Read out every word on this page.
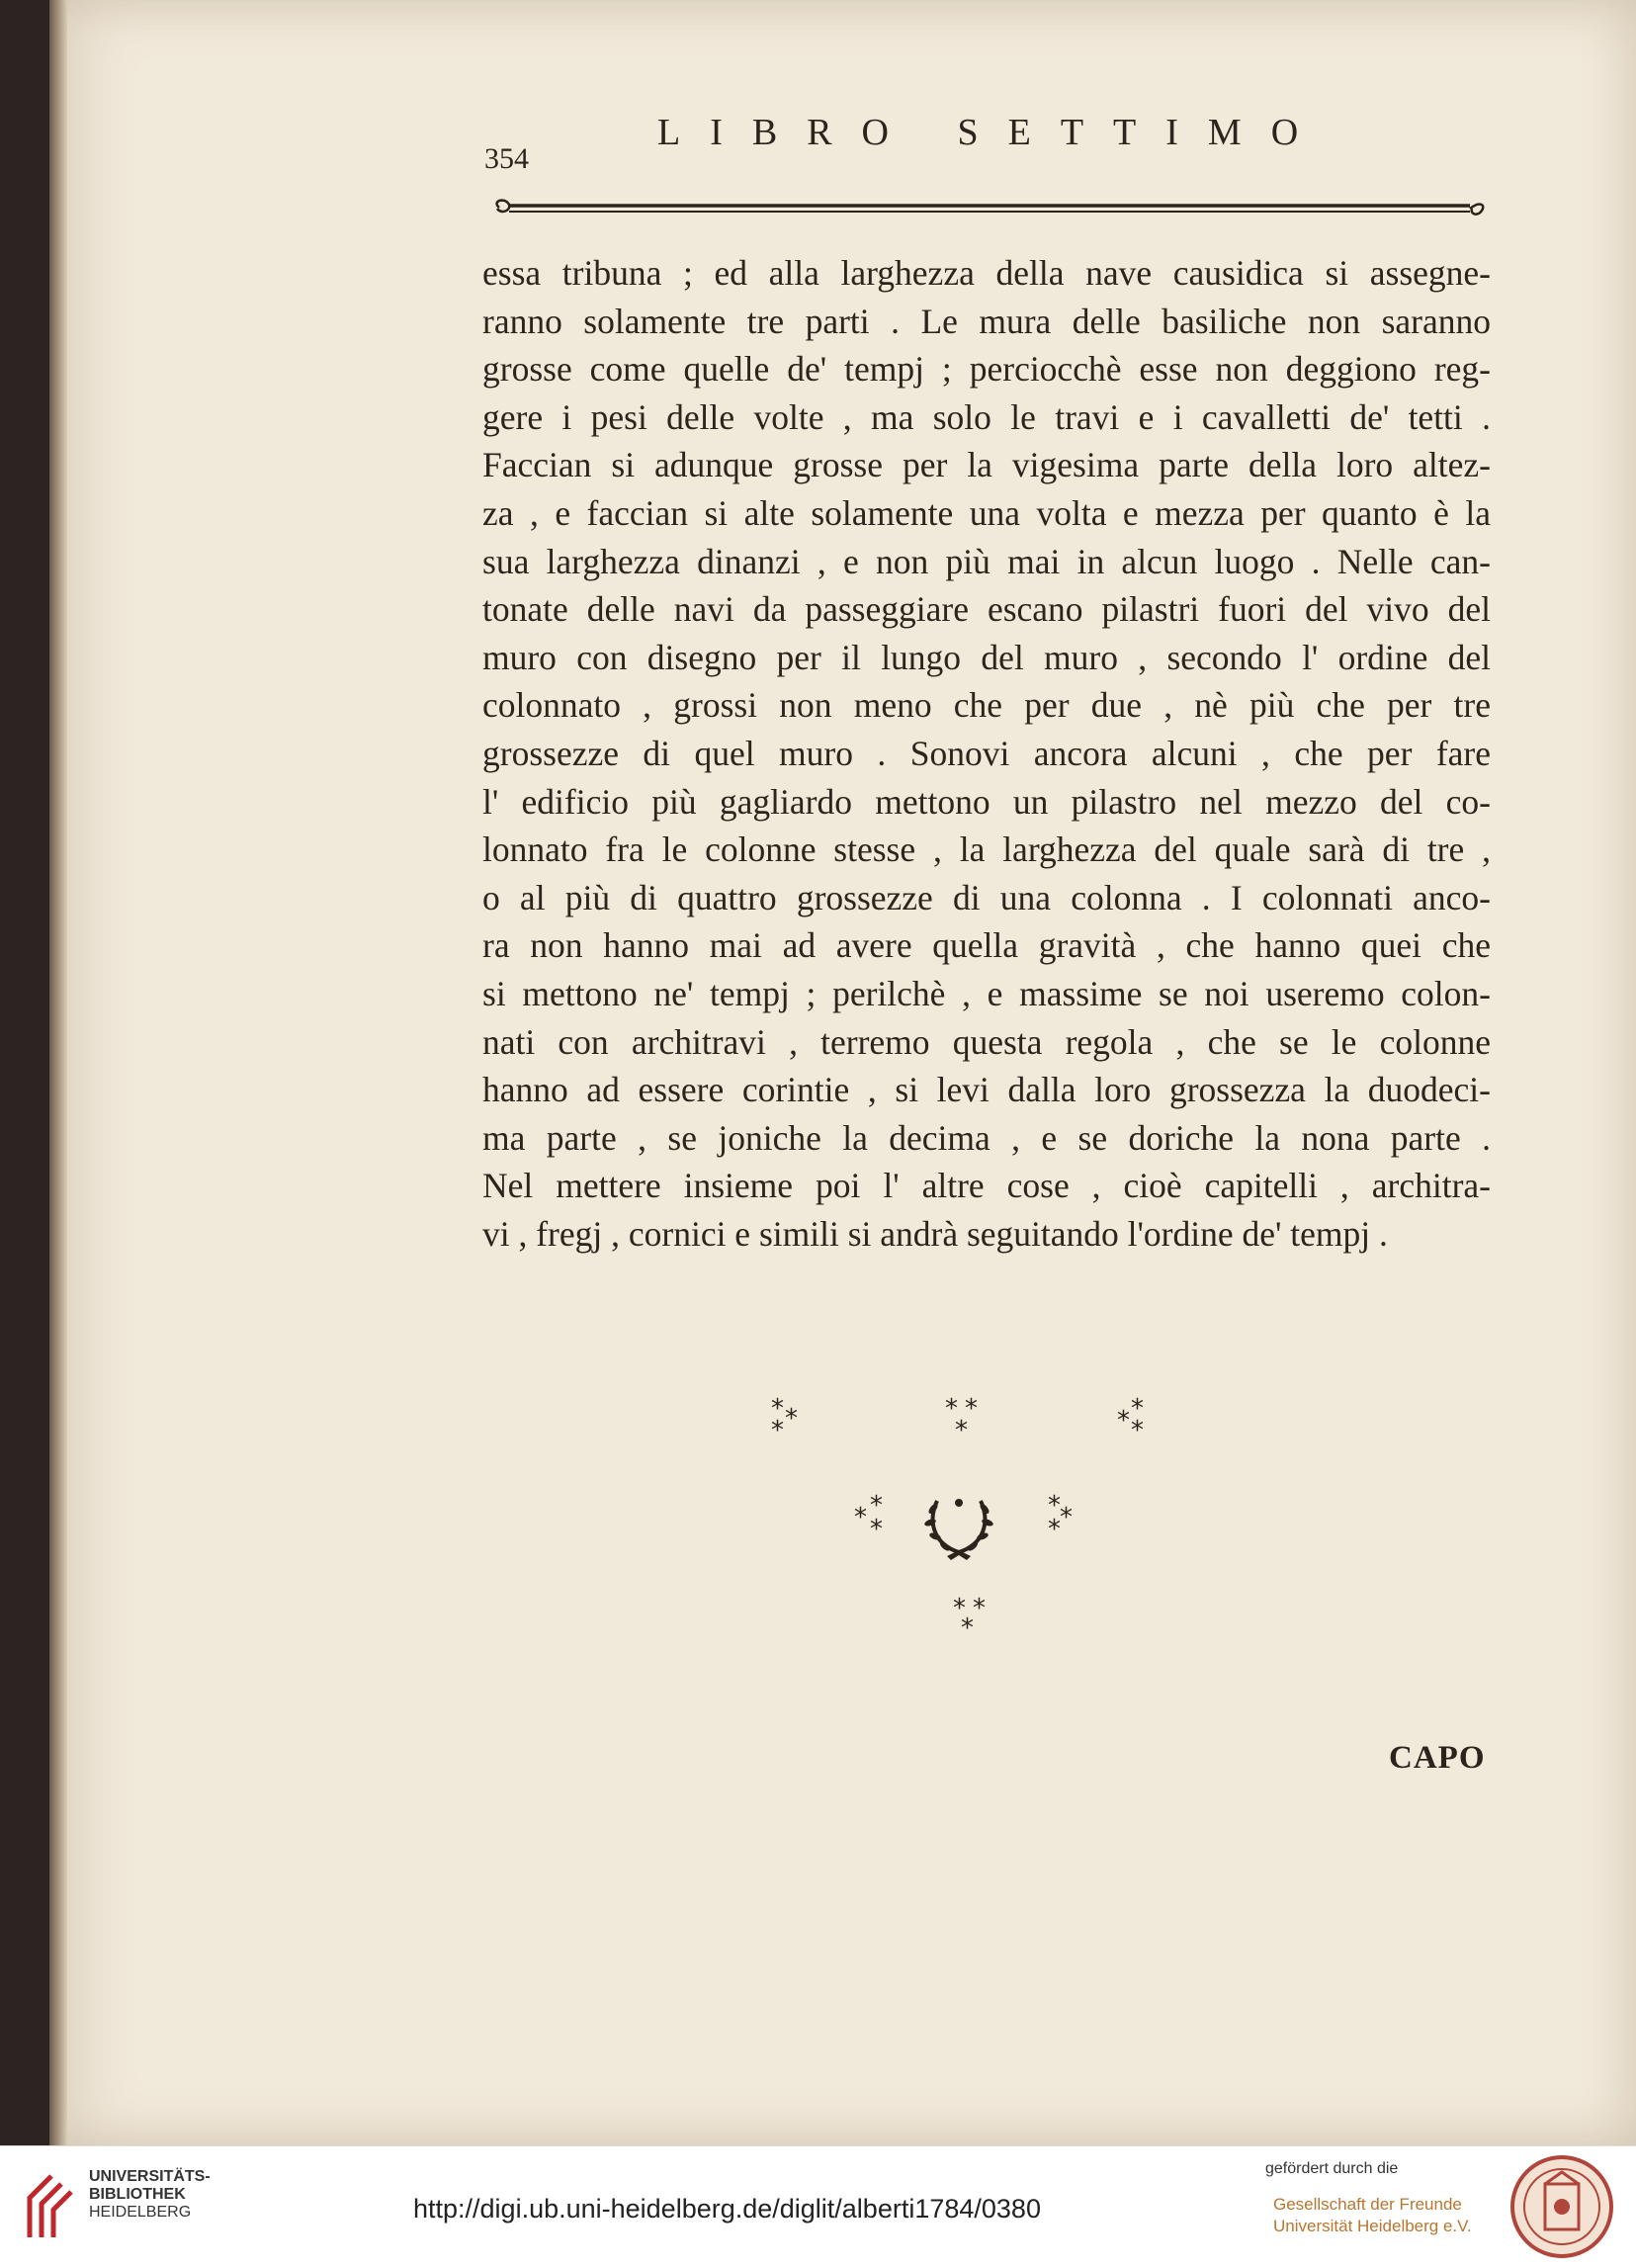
354
LIBRO SETTIMO
essa tribuna ; ed alla larghezza della nave causidica si assegne-
ranno solamente tre parti . Le mura delle basiliche non saranno
grosse come quelle de' tempj ; perciocchè esse non deggiono reg-
gere i pesi delle volte , ma solo le travi e i cavalletti de' tetti .
Faccian si adunque grosse per la vigesima parte della loro altez-
za , e faccian si alte solamente una volta e mezza per quanto è la
sua larghezza dinanzi , e non più mai in alcun luogo . Nelle can-
tonate delle navi da passeggiare escano pilastri fuori del vivo del
muro con disegno per il lungo del muro , secondo l' ordine del
colonnato , grossi non meno che per due , nè più che per tre
grossezze di quel muro . Sonovi ancora alcuni , che per fare
l' edificio più gagliardo mettono un pilastro nel mezzo del co-
lonnato fra le colonne stesse , la larghezza del quale sarà di tre ,
o al più di quattro grossezze di una colonna . I colonnati anco-
ra non hanno mai ad avere quella gravità , che hanno quei che
si mettono ne' tempj ; perilchè , e massime se noi useremo colon-
nati con architravi , terremo questa regola , che se le colonne
hanno ad essere corintie , si levi dalla loro grossezza la duodeci-
ma parte , se joniche la decima , e se doriche la nona parte .
Nel mettere insieme poi l' altre cose , cioè capitelli , architra-
vi , fregj , cornici e simili si andrà seguitando l'ordine de' tempj .
* *
*
* *
*
*
* *
*
* *
* *
*
* *
*
CAPO
UNIVERSITÄTS-
BIBLIOTHEK
HEIDELBERG	http://digi.ub.uni-heidelberg.de/diglit/alberti1784/0380
gefördert durch die
Gesellschaft der Freunde
Universität Heidelberg e.V.
